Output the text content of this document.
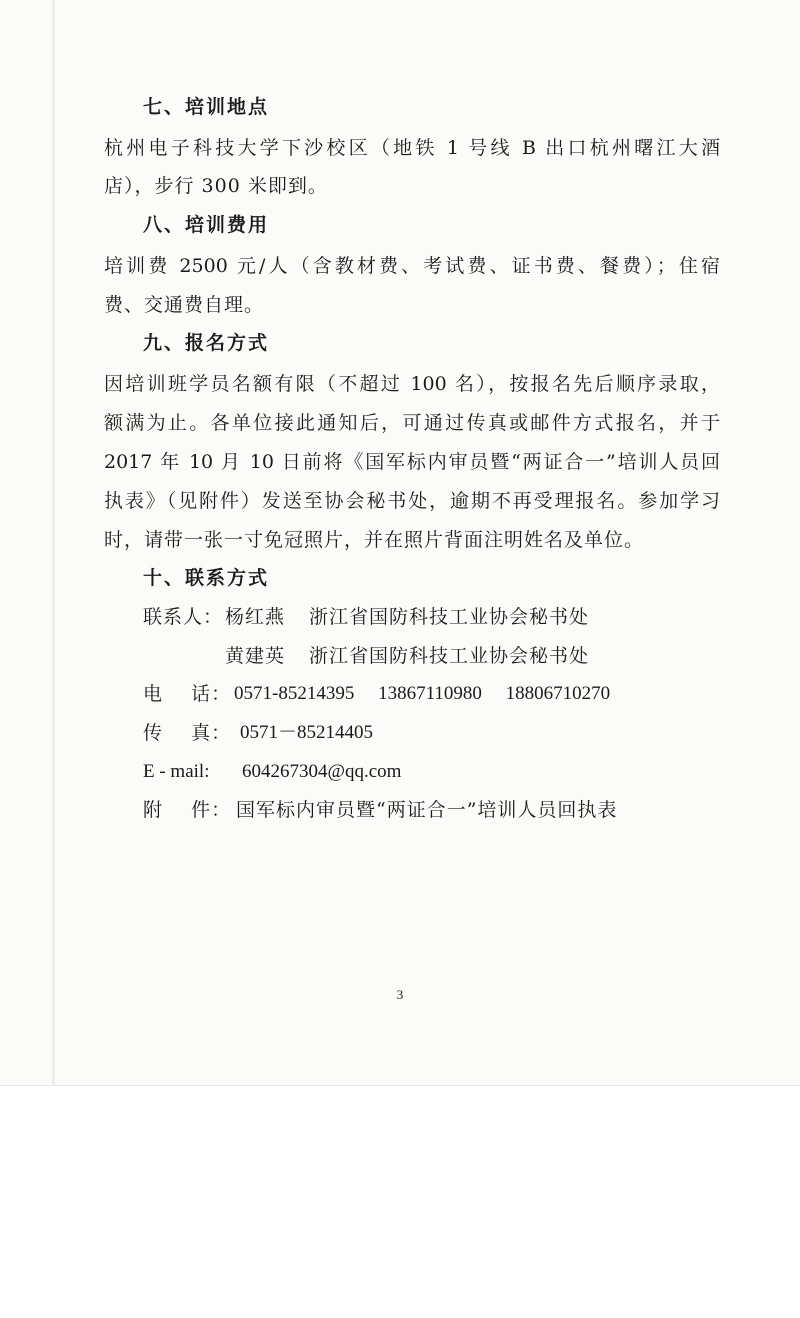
七、培训地点
杭州电子科技大学下沙校区（地铁 1 号线 B 出口杭州曙江大酒
店），步行 300 米即到。
八、培训费用
培训费 2500 元/人（含教材费、考试费、证书费、餐费）；住宿
费、交通费自理。
九、报名方式
因培训班学员名额有限（不超过 100 名），按报名先后顺序录取，
额满为止。各单位接此通知后，可通过传真或邮件方式报名，并于
2017 年 10 月 10 日前将《国军标内审员暨“两证合一”培训人员回
执表》（见附件）发送至协会秘书处，逾期不再受理报名。参加学习
时，请带一张一寸免冠照片，并在照片背面注明姓名及单位。
十、联系方式
联系人： 杨红燕 浙江省国防科技工业协会秘书处
黄建英 浙江省国防科技工业协会秘书处
电    话： 0571-85214395     13867110980     18806710270
传    真： 0571－85214405
E - mail: 604267304@qq.com
附    件： 国军标内审员暨“两证合一”培训人员回执表
3
